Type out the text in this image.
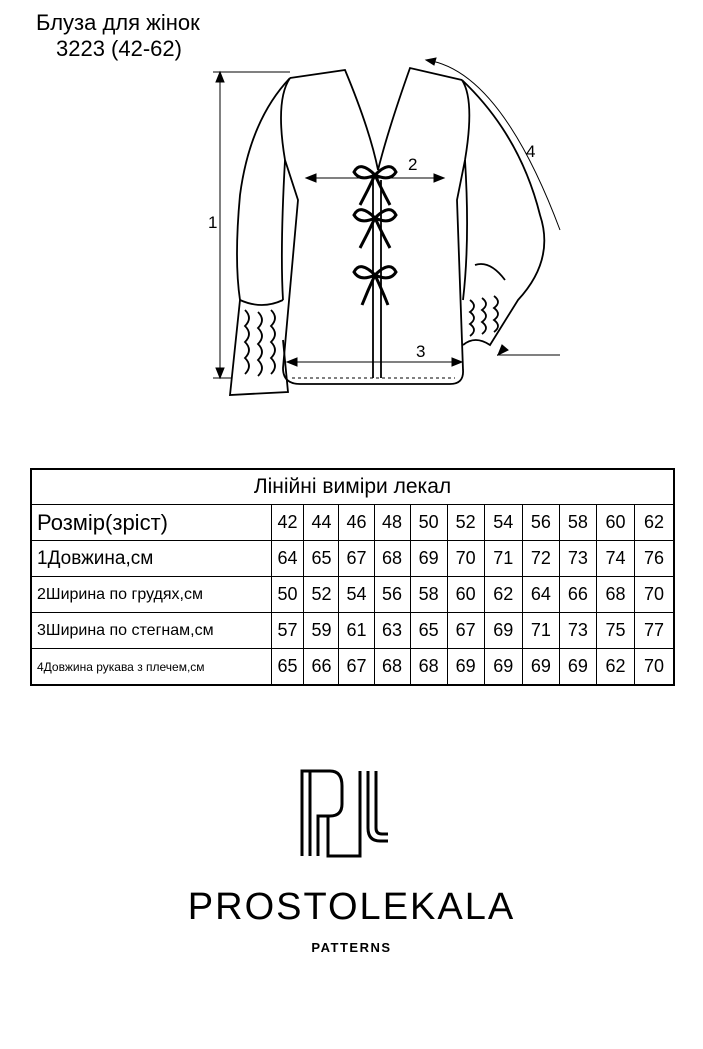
Блуза для жінок
3223 (42-62)
1
2
3
4
Лінійні виміри лекал											
Розмір(зріст)	42	44	46	48	50	52	54	56	58	60	62
1Довжина,см	64	65	67	68	69	70	71	72	73	74	76
2Ширина по грудях,см	50	52	54	56	58	60	62	64	66	68	70
3Ширина по стегнам,см	57	59	61	63	65	67	69	71	73	75	77
4Довжина рукава з плечем,см	65	66	67	68	68	69	69	69	69	62	70
PROSTOLEKALA
PATTERNS
